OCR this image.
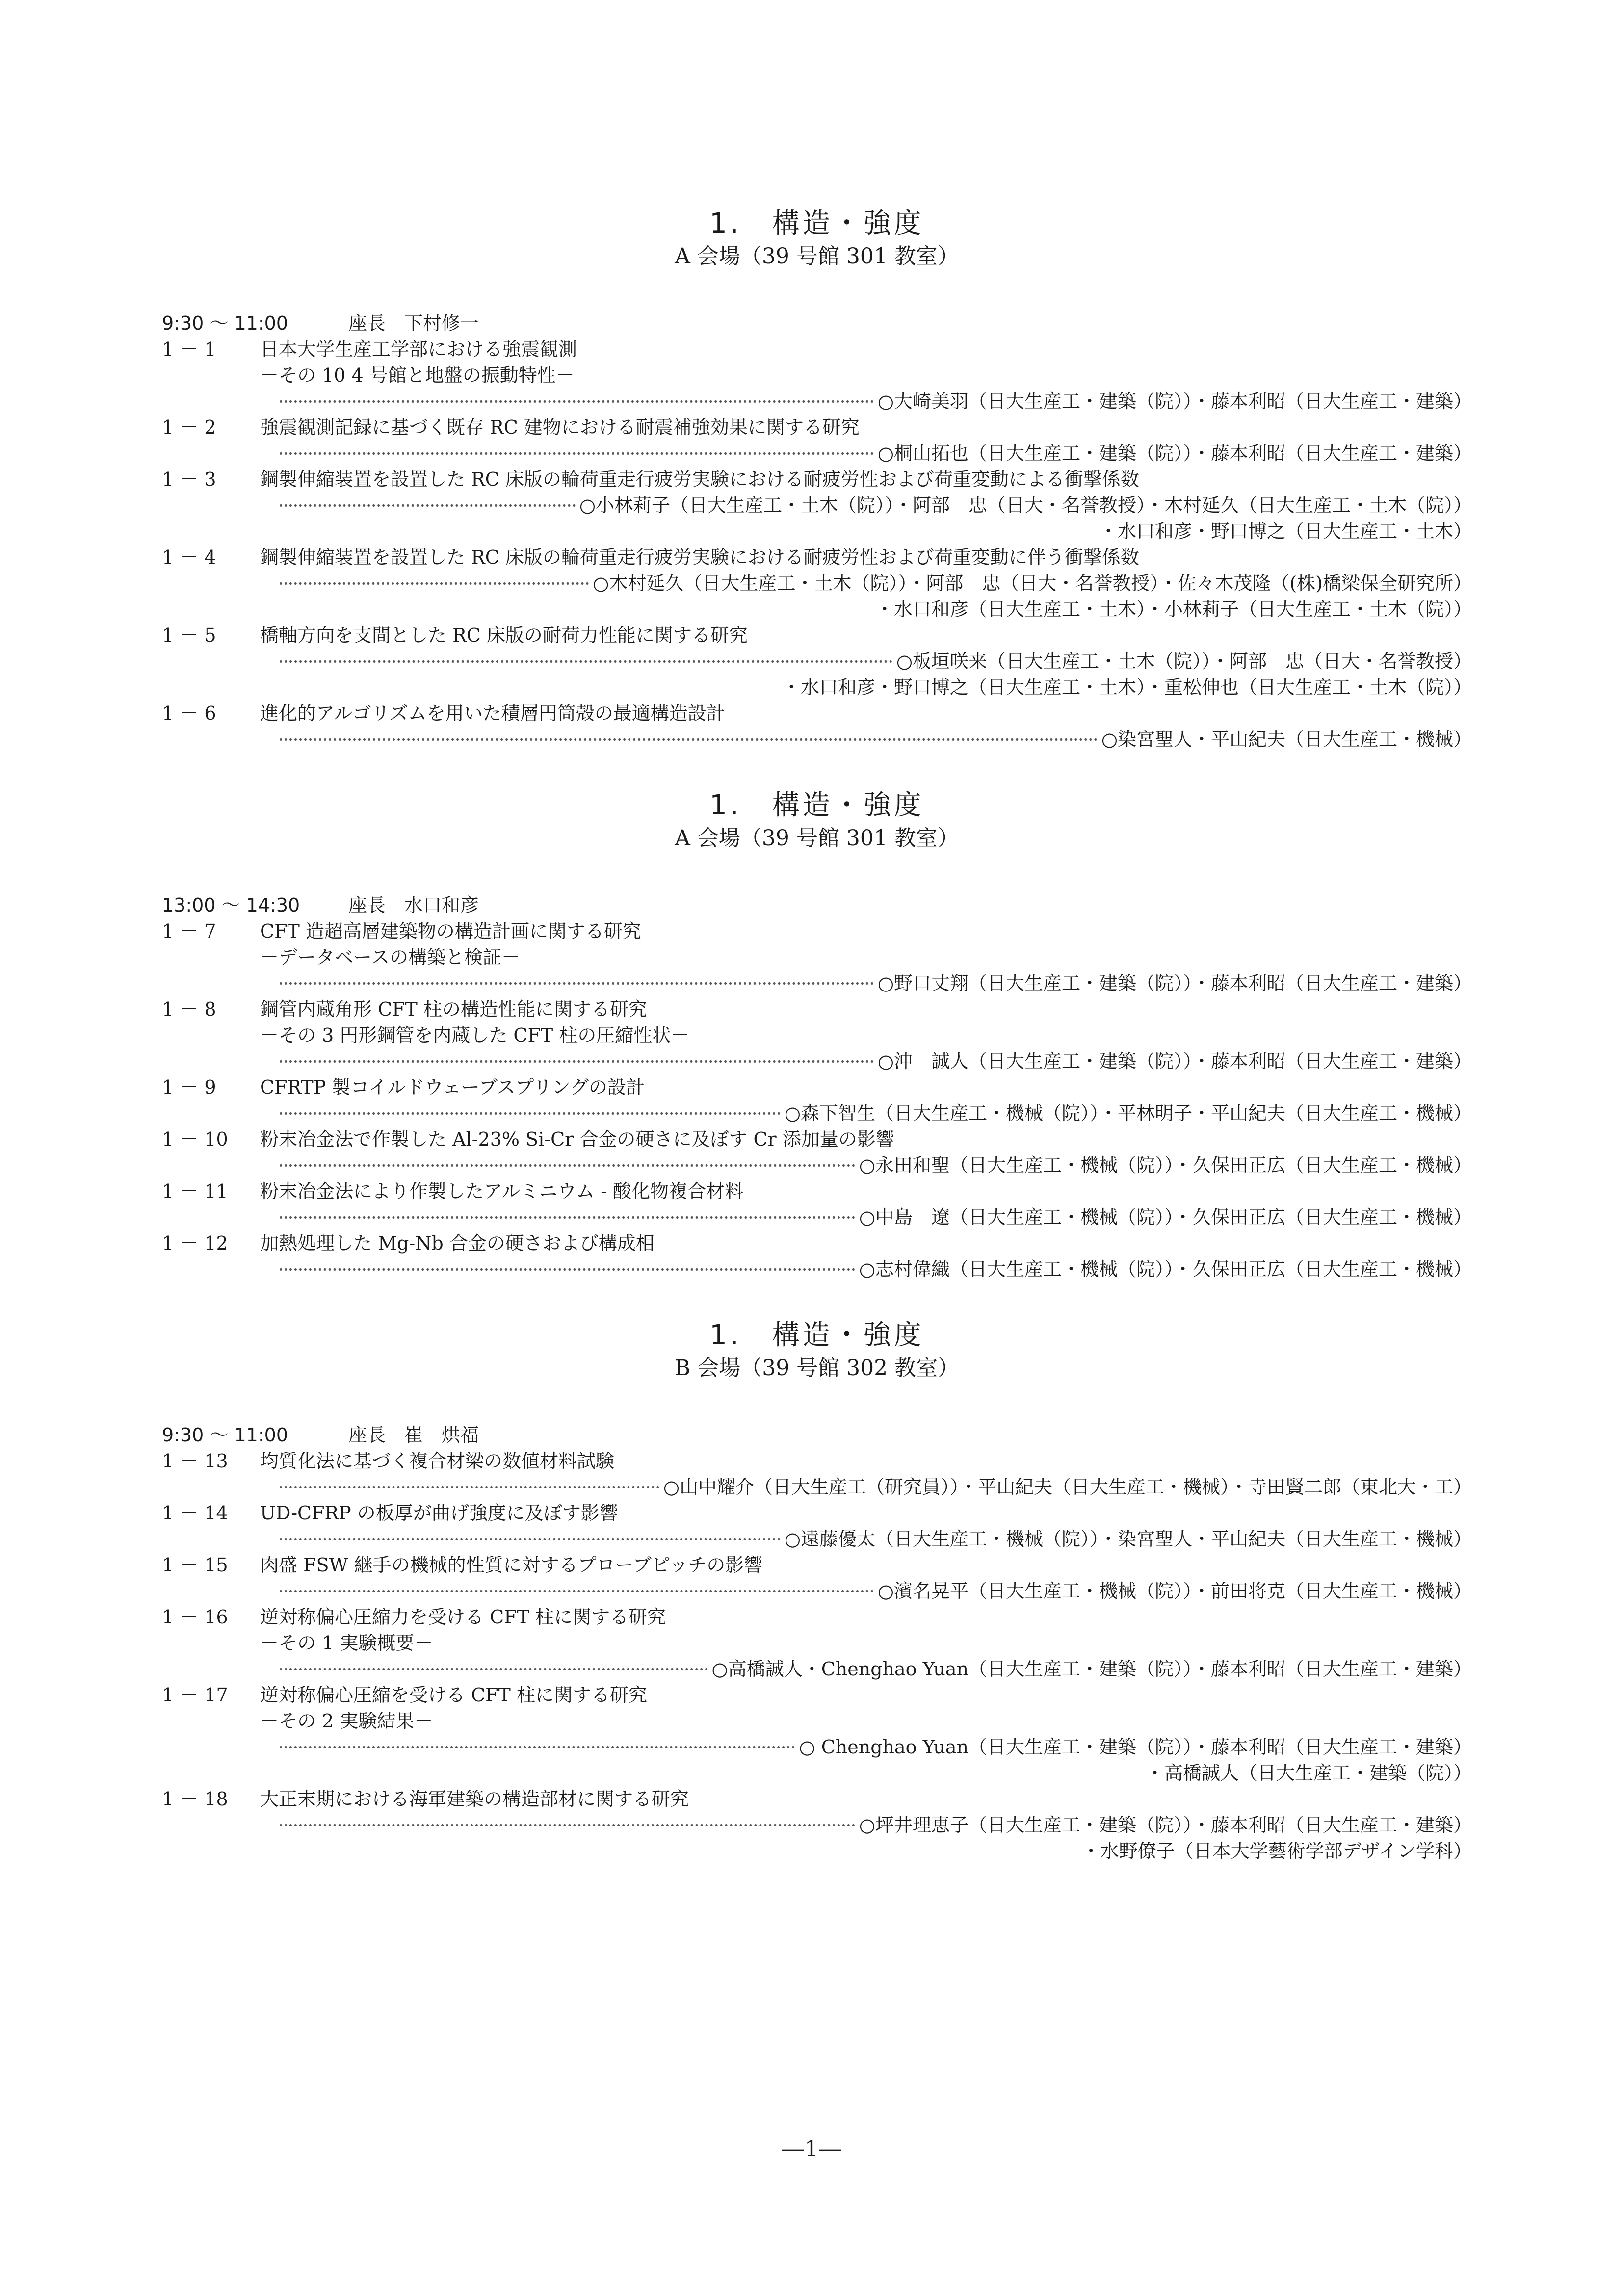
1.　構造・強度
A 会場（39 号館 301 教室）
9:30 ～ 11:00	座長　下村修一
1 － 1	日本大学生産工学部における強震観測
－その 10 4 号館と地盤の振動特性－
○大崎美羽（日大生産工・建築（院））・藤本利昭（日大生産工・建築）
1 － 2	強震観測記録に基づく既存 RC 建物における耐震補強効果に関する研究
○桐山拓也（日大生産工・建築（院））・藤本利昭（日大生産工・建築）
1 － 3	鋼製伸縮装置を設置した RC 床版の輪荷重走行疲労実験における耐疲労性および荷重変動による衝撃係数
○小林莉子（日大生産工・土木（院））・阿部　忠（日大・名誉教授）・木村延久（日大生産工・土木（院））
・水口和彦・野口博之（日大生産工・土木）
1 － 4	鋼製伸縮装置を設置した RC 床版の輪荷重走行疲労実験における耐疲労性および荷重変動に伴う衝撃係数
○木村延久（日大生産工・土木（院））・阿部　忠（日大・名誉教授）・佐々木茂隆（(株)橋梁保全研究所）
・水口和彦（日大生産工・土木）・小林莉子（日大生産工・土木（院））
1 － 5	橋軸方向を支間とした RC 床版の耐荷力性能に関する研究
○板垣咲来（日大生産工・土木（院））・阿部　忠（日大・名誉教授）
・水口和彦・野口博之（日大生産工・土木）・重松伸也（日大生産工・土木（院））
1 － 6	進化的アルゴリズムを用いた積層円筒殻の最適構造設計
○染宮聖人・平山紀夫（日大生産工・機械）
1.　構造・強度
A 会場（39 号館 301 教室）
13:00 ～ 14:30	座長　水口和彦
1 － 7	CFT 造超高層建築物の構造計画に関する研究
－データベースの構築と検証－
○野口丈翔（日大生産工・建築（院））・藤本利昭（日大生産工・建築）
1 － 8	鋼管内蔵角形 CFT 柱の構造性能に関する研究
－その 3 円形鋼管を内蔵した CFT 柱の圧縮性状－
○沖　誠人（日大生産工・建築（院））・藤本利昭（日大生産工・建築）
1 － 9	CFRTP 製コイルドウェーブスプリングの設計
○森下智生（日大生産工・機械（院））・平林明子・平山紀夫（日大生産工・機械）
1 － 10	粉末冶金法で作製した Al-23% Si-Cr 合金の硬さに及ぼす Cr 添加量の影響
○永田和聖（日大生産工・機械（院））・久保田正広（日大生産工・機械）
1 － 11	粉末冶金法により作製したアルミニウム - 酸化物複合材料
○中島　遼（日大生産工・機械（院））・久保田正広（日大生産工・機械）
1 － 12	加熱処理した Mg-Nb 合金の硬さおよび構成相
○志村偉織（日大生産工・機械（院））・久保田正広（日大生産工・機械）
1.　構造・強度
B 会場（39 号館 302 教室）
9:30 ～ 11:00	座長　崔　烘福
1 － 13	均質化法に基づく複合材梁の数値材料試験
○山中耀介（日大生産工（研究員））・平山紀夫（日大生産工・機械）・寺田賢二郎（東北大・工）
1 － 14	UD-CFRP の板厚が曲げ強度に及ぼす影響
○遠藤優太（日大生産工・機械（院））・染宮聖人・平山紀夫（日大生産工・機械）
1 － 15	肉盛 FSW 継手の機械的性質に対するプローブピッチの影響
○濱名晃平（日大生産工・機械（院））・前田将克（日大生産工・機械）
1 － 16	逆対称偏心圧縮力を受ける CFT 柱に関する研究
－その 1 実験概要－
○高橋誠人・Chenghao Yuan（日大生産工・建築（院））・藤本利昭（日大生産工・建築）
1 － 17	逆対称偏心圧縮を受ける CFT 柱に関する研究
－その 2 実験結果－
○ Chenghao Yuan（日大生産工・建築（院））・藤本利昭（日大生産工・建築）
・高橋誠人（日大生産工・建築（院））
1 － 18	大正末期における海軍建築の構造部材に関する研究
○坪井理恵子（日大生産工・建築（院））・藤本利昭（日大生産工・建築）
・水野僚子（日本大学藝術学部デザイン学科）
―1―
